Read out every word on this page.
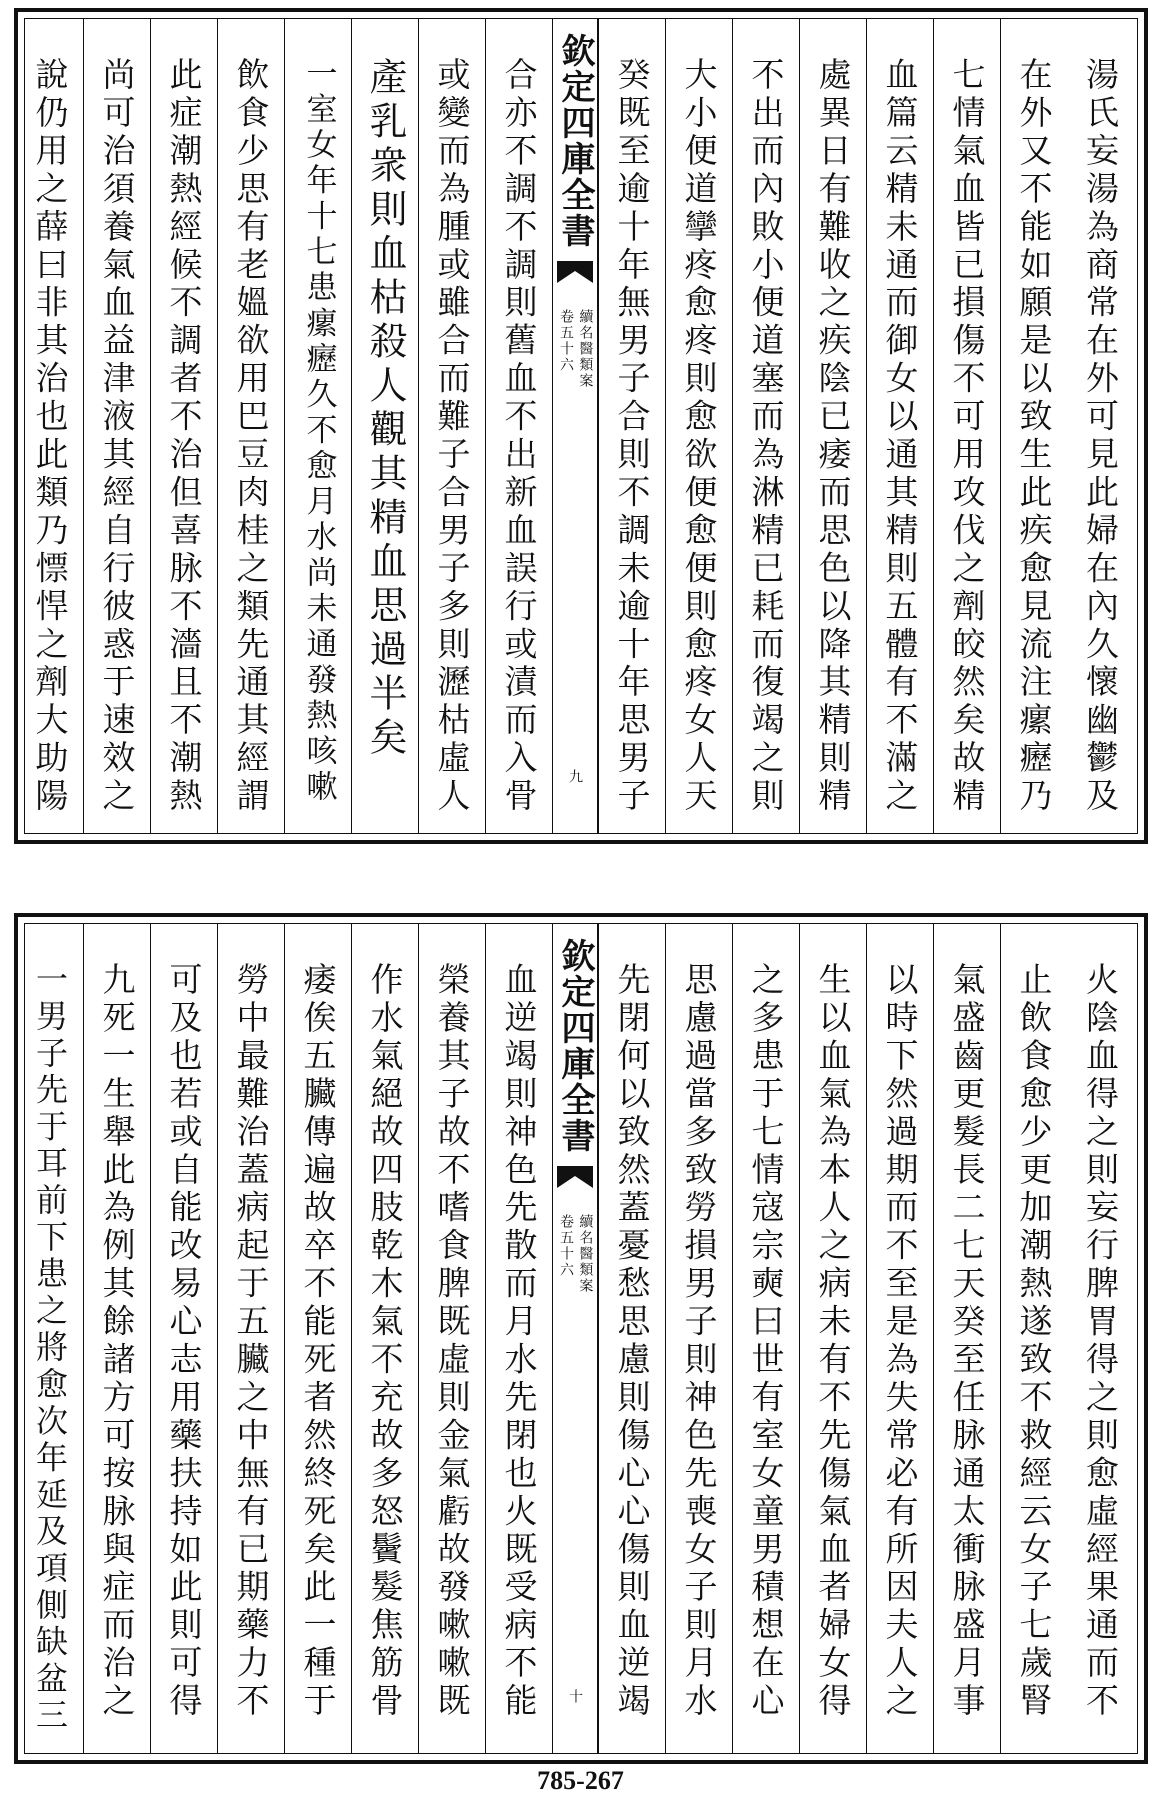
湯氏妄湯為商常在外可見此婦在內久懷幽鬱及
在外又不能如願是以致生此疾愈見流注瘰癧乃
七情氣血皆已損傷不可用攻伐之劑皎然矣故精
血篇云精未通而御女以通其精則五體有不滿之
處異日有難收之疾陰已痿而思色以降其精則精
不出而內敗小便道塞而為淋精已耗而復竭之則
大小便道攣疼愈疼則愈欲便愈便則愈疼女人天
癸既至逾十年無男子合則不調未逾十年思男子
欽定四庫全書
續名醫類案
卷五十六
九
合亦不調不調則舊血不出新血誤行或漬而入骨
或變而為腫或雖合而難子合男子多則瀝枯虛人
產乳衆則血枯殺人觀其精血思過半矣
一室女年十七患瘰癧久不愈月水尚未通發熱咳嗽
飲食少思有老媼欲用巴豆肉桂之類先通其經謂
此症潮熱經候不調者不治但喜脉不濇且不潮熱
尚可治須養氣血益津液其經自行彼惑于速效之
說仍用之薛曰非其治也此類乃慓悍之劑大助陽
火陰血得之則妄行脾胃得之則愈虛經果通而不
止飲食愈少更加潮熱遂致不救經云女子七歲腎
氣盛齒更髮長二七天癸至任脉通太衝脉盛月事
以時下然過期而不至是為失常必有所因夫人之
生以血氣為本人之病未有不先傷氣血者婦女得
之多患于七情寇宗奭曰世有室女童男積想在心
思慮過當多致勞損男子則神色先喪女子則月水
先閉何以致然蓋憂愁思慮則傷心心傷則血逆竭
欽定四庫全書
續名醫類案
卷五十六
十
血逆竭則神色先散而月水先閉也火既受病不能
榮養其子故不嗜食脾既虛則金氣虧故發嗽嗽既
作水氣絕故四肢乾木氣不充故多怒鬢髮焦筋骨
痿俟五臟傳遍故卒不能死者然終死矣此一種于
勞中最難治蓋病起于五臟之中無有已期藥力不
可及也若或自能改易心志用藥扶持如此則可得
九死一生舉此為例其餘諸方可按脉與症而治之
一男子先于耳前下患之將愈次年延及項側缺盆三
785-267
